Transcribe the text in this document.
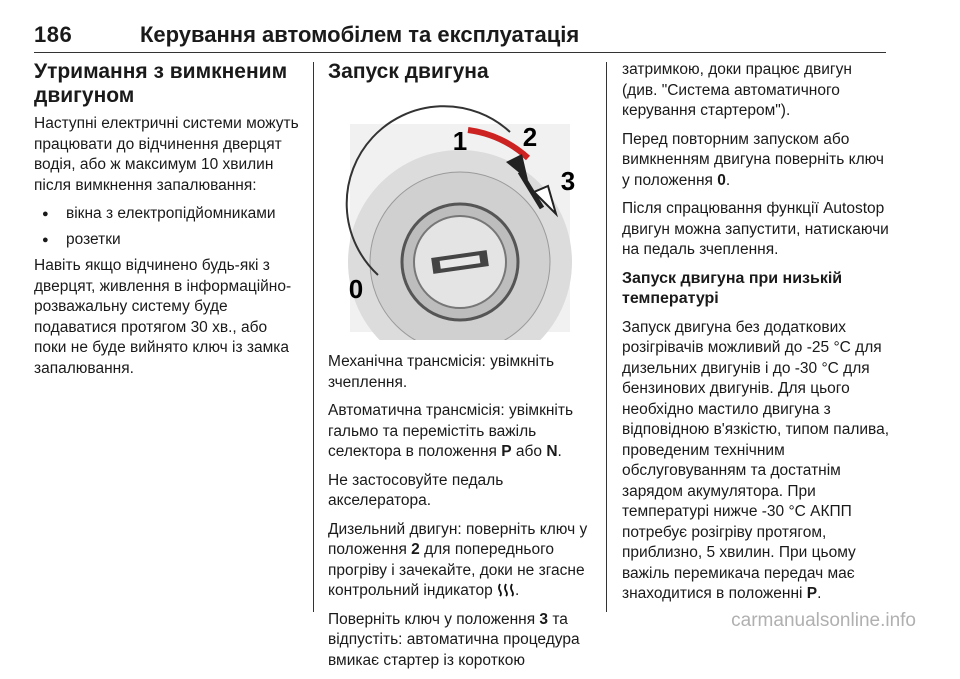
186	Керування автомобілем та експлуатація
Утримання з вимкненим двигуном

Наступні електричні системи можуть працювати до відчинення дверцят водія, або ж максимум 10 хвилин після вимкнення запалювання:

● вікна з електропідйомниками
● розетки

Навіть якщо відчинено будь-які з дверцят, живлення в інформаційно-розважальну систему буде подаватися протягом 30 хв., або поки не буде вийнято ключ із замка запалювання.

Запуск двигуна
1 2
3
0

Механічна трансмісія: увімкніть зчеплення.

Автоматична трансмісія: увімкніть гальмо та перемістіть важіль селектора в положення P або N.

Не застосовуйте педаль акселератора.

Дизельний двигун: поверніть ключ у положення 2 для попереднього прогріву і зачекайте, доки не згасне контрольний індикатор .

Поверніть ключ у положення 3 та відпустіть: автоматична процедура вмикає стартер із короткою

затримкою, доки працює двигун (див. "Система автоматичного керування стартером").

Перед повторним запуском або вимкненням двигуна поверніть ключ у положення 0.

Після спрацювання функції Autostop двигун можна запустити, натискаючи на педаль зчеплення.

Запуск двигуна при низькій температурі

Запуск двигуна без додаткових розігрівачів можливий до -25 °C для дизельних двигунів і до -30 °C для бензинових двигунів. Для цього необхідно мастило двигуна з відповідною в'язкістю, типом палива, проведеним технічним обслуговуванням та достатнім зарядом акумулятора. При температурі нижче -30 °C АКПП потребує розігріву протягом, приблизно, 5 хвилин. При цьому важіль перемикача передач має знаходитися в положенні P.

carmanualsonline.info
